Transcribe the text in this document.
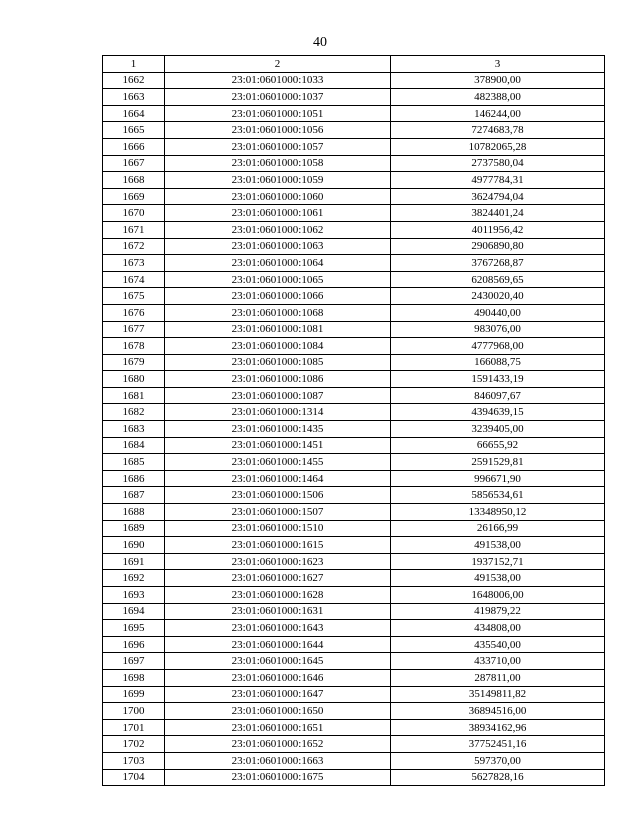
40
1	2	3
1662	23:01:0601000:1033	378900,00
1663	23:01:0601000:1037	482388,00
1664	23:01:0601000:1051	146244,00
1665	23:01:0601000:1056	7274683,78
1666	23:01:0601000:1057	10782065,28
1667	23:01:0601000:1058	2737580,04
1668	23:01:0601000:1059	4977784,31
1669	23:01:0601000:1060	3624794,04
1670	23:01:0601000:1061	3824401,24
1671	23:01:0601000:1062	4011956,42
1672	23:01:0601000:1063	2906890,80
1673	23:01:0601000:1064	3767268,87
1674	23:01:0601000:1065	6208569,65
1675	23:01:0601000:1066	2430020,40
1676	23:01:0601000:1068	490440,00
1677	23:01:0601000:1081	983076,00
1678	23:01:0601000:1084	4777968,00
1679	23:01:0601000:1085	166088,75
1680	23:01:0601000:1086	1591433,19
1681	23:01:0601000:1087	846097,67
1682	23:01:0601000:1314	4394639,15
1683	23:01:0601000:1435	3239405,00
1684	23:01:0601000:1451	66655,92
1685	23:01:0601000:1455	2591529,81
1686	23:01:0601000:1464	996671,90
1687	23:01:0601000:1506	5856534,61
1688	23:01:0601000:1507	13348950,12
1689	23:01:0601000:1510	26166,99
1690	23:01:0601000:1615	491538,00
1691	23:01:0601000:1623	1937152,71
1692	23:01:0601000:1627	491538,00
1693	23:01:0601000:1628	1648006,00
1694	23:01:0601000:1631	419879,22
1695	23:01:0601000:1643	434808,00
1696	23:01:0601000:1644	435540,00
1697	23:01:0601000:1645	433710,00
1698	23:01:0601000:1646	287811,00
1699	23:01:0601000:1647	35149811,82
1700	23:01:0601000:1650	36894516,00
1701	23:01:0601000:1651	38934162,96
1702	23:01:0601000:1652	37752451,16
1703	23:01:0601000:1663	597370,00
1704	23:01:0601000:1675	5627828,16
